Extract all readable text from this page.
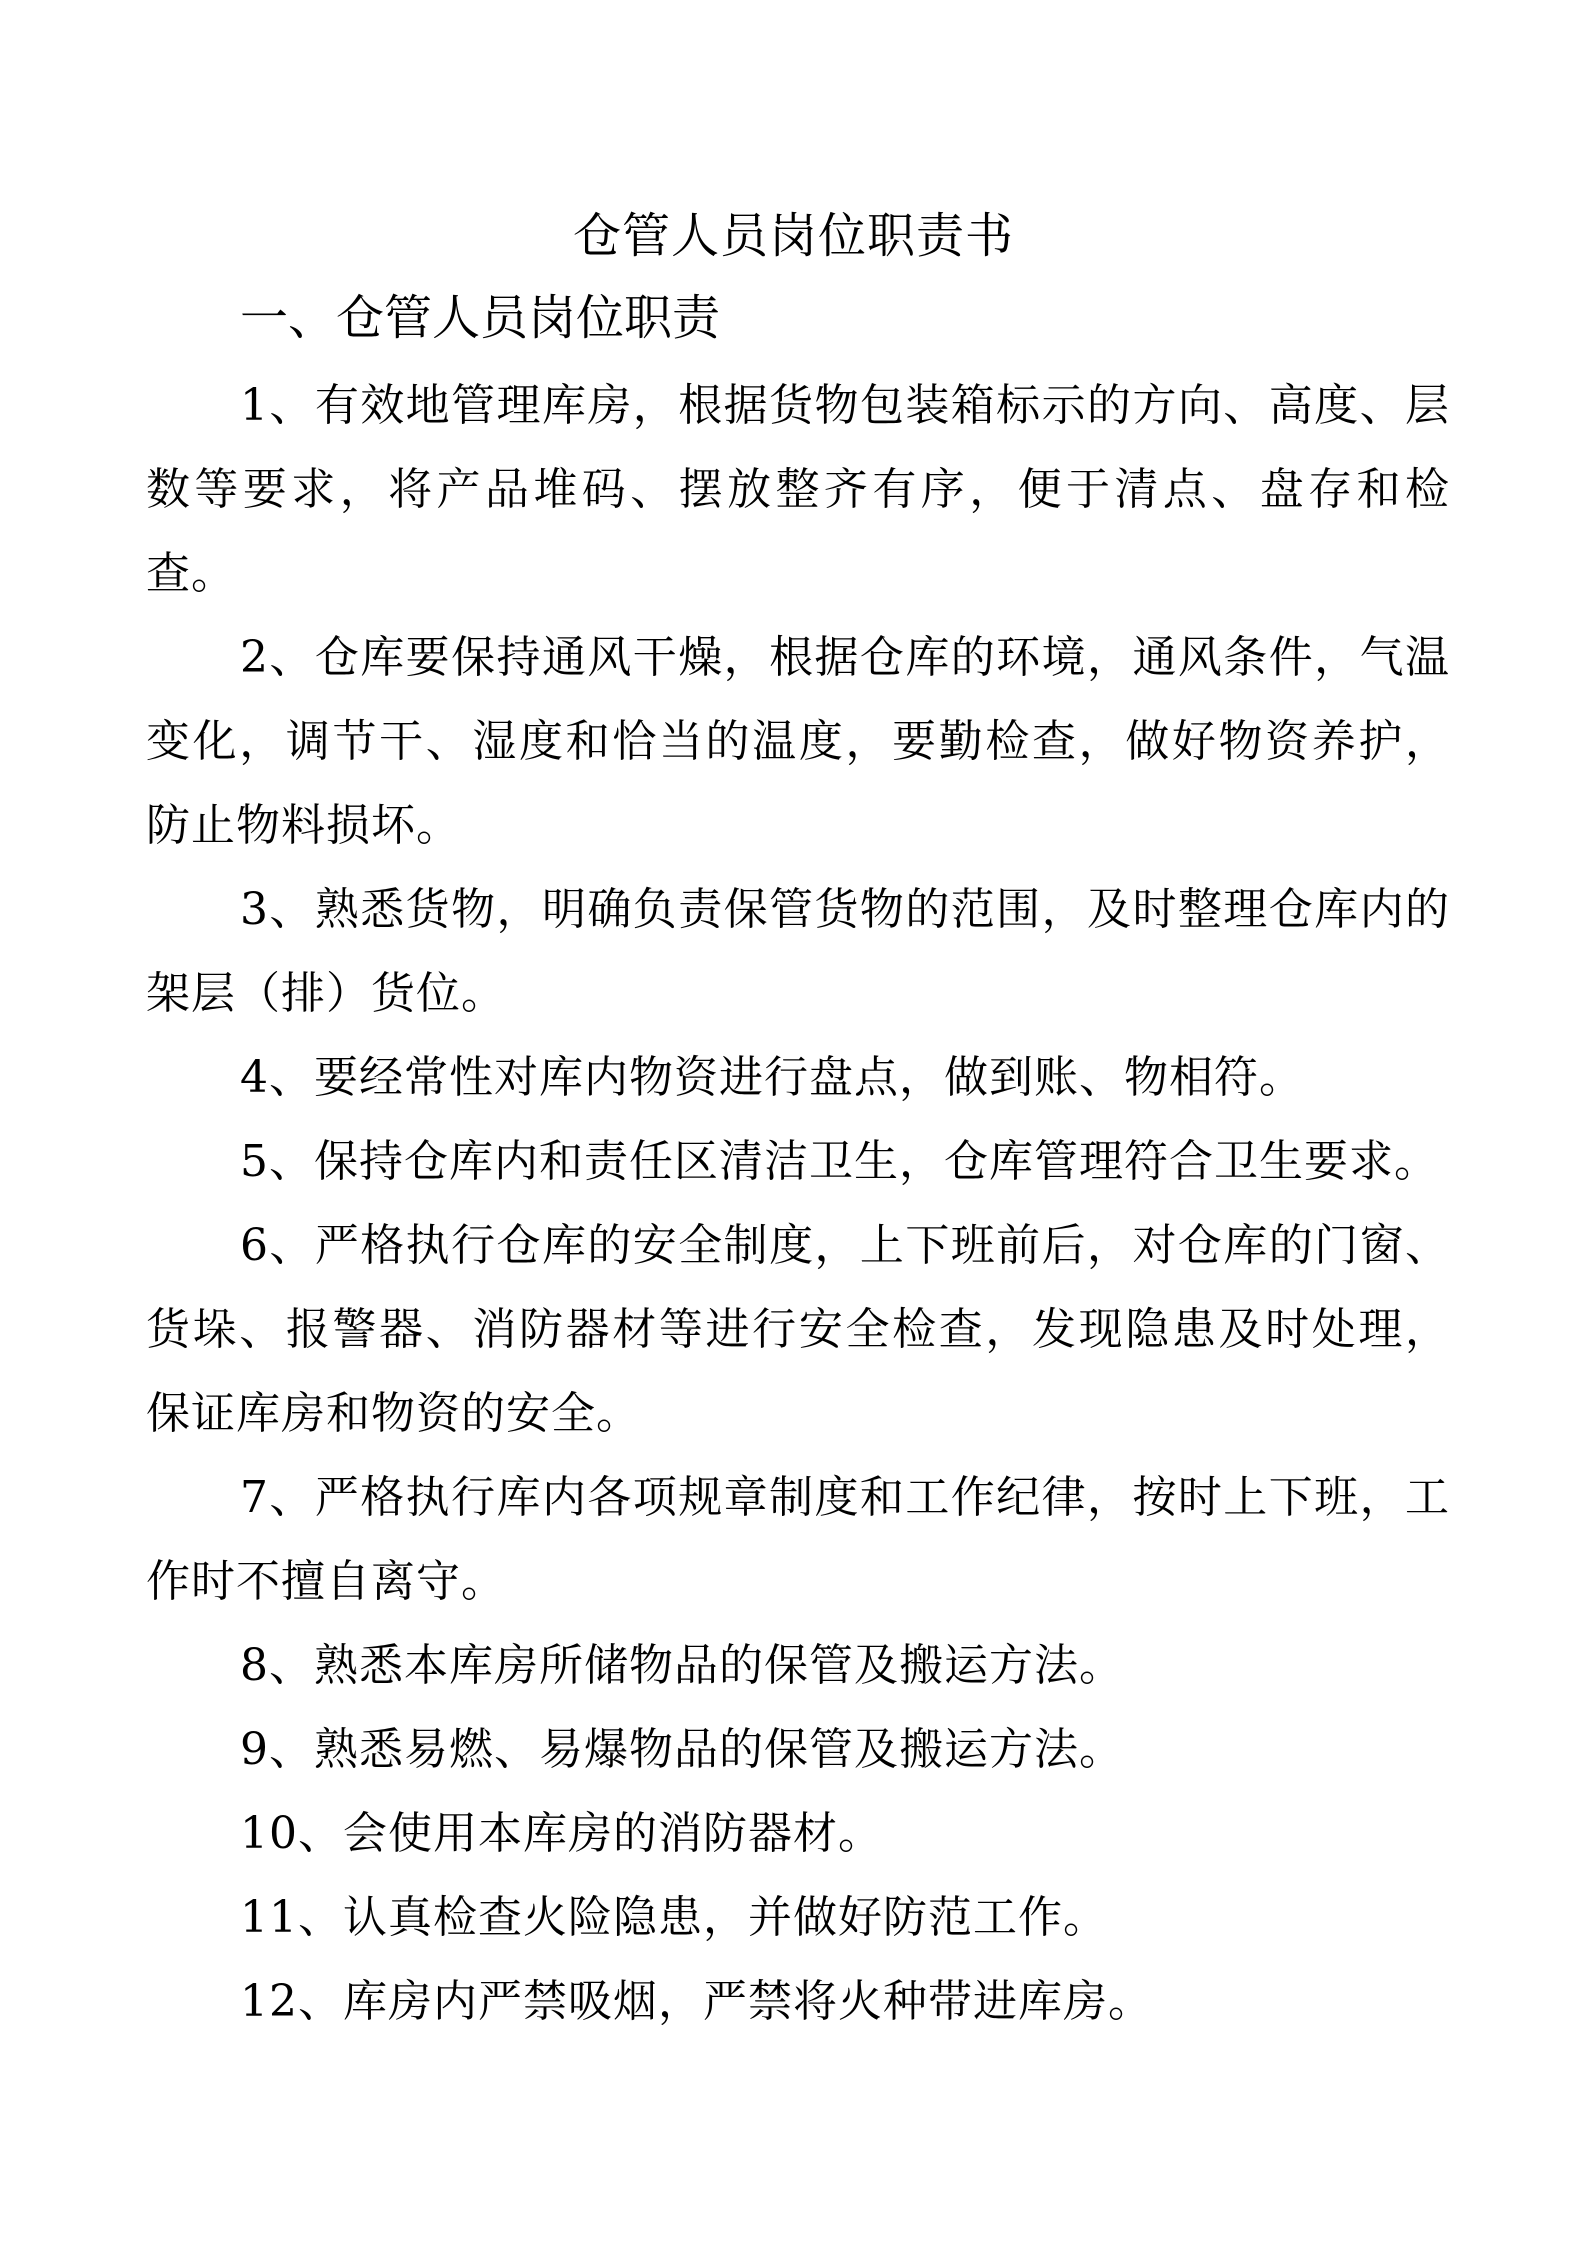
仓管人员岗位职责书
一、仓管人员岗位职责

1、有效地管理库房，根据货物包装箱标示的方向、高度、层数等要求，将产品堆码、摆放整齐有序，便于清点、盘存和检查。

2、仓库要保持通风干燥，根据仓库的环境，通风条件，气温变化，调节干、湿度和恰当的温度，要勤检查，做好物资养护，防止物料损坏。

3、熟悉货物，明确负责保管货物的范围，及时整理仓库内的架层（排）货位。

4、要经常性对库内物资进行盘点，做到账、物相符。

5、保持仓库内和责任区清洁卫生，仓库管理符合卫生要求。

6、严格执行仓库的安全制度，上下班前后，对仓库的门窗、货垛、报警器、消防器材等进行安全检查，发现隐患及时处理，保证库房和物资的安全。

7、严格执行库内各项规章制度和工作纪律，按时上下班，工作时不擅自离守。

8、熟悉本库房所储物品的保管及搬运方法。

9、熟悉易燃、易爆物品的保管及搬运方法。

10、会使用本库房的消防器材。

11、认真检查火险隐患，并做好防范工作。

12、库房内严禁吸烟，严禁将火种带进库房。
